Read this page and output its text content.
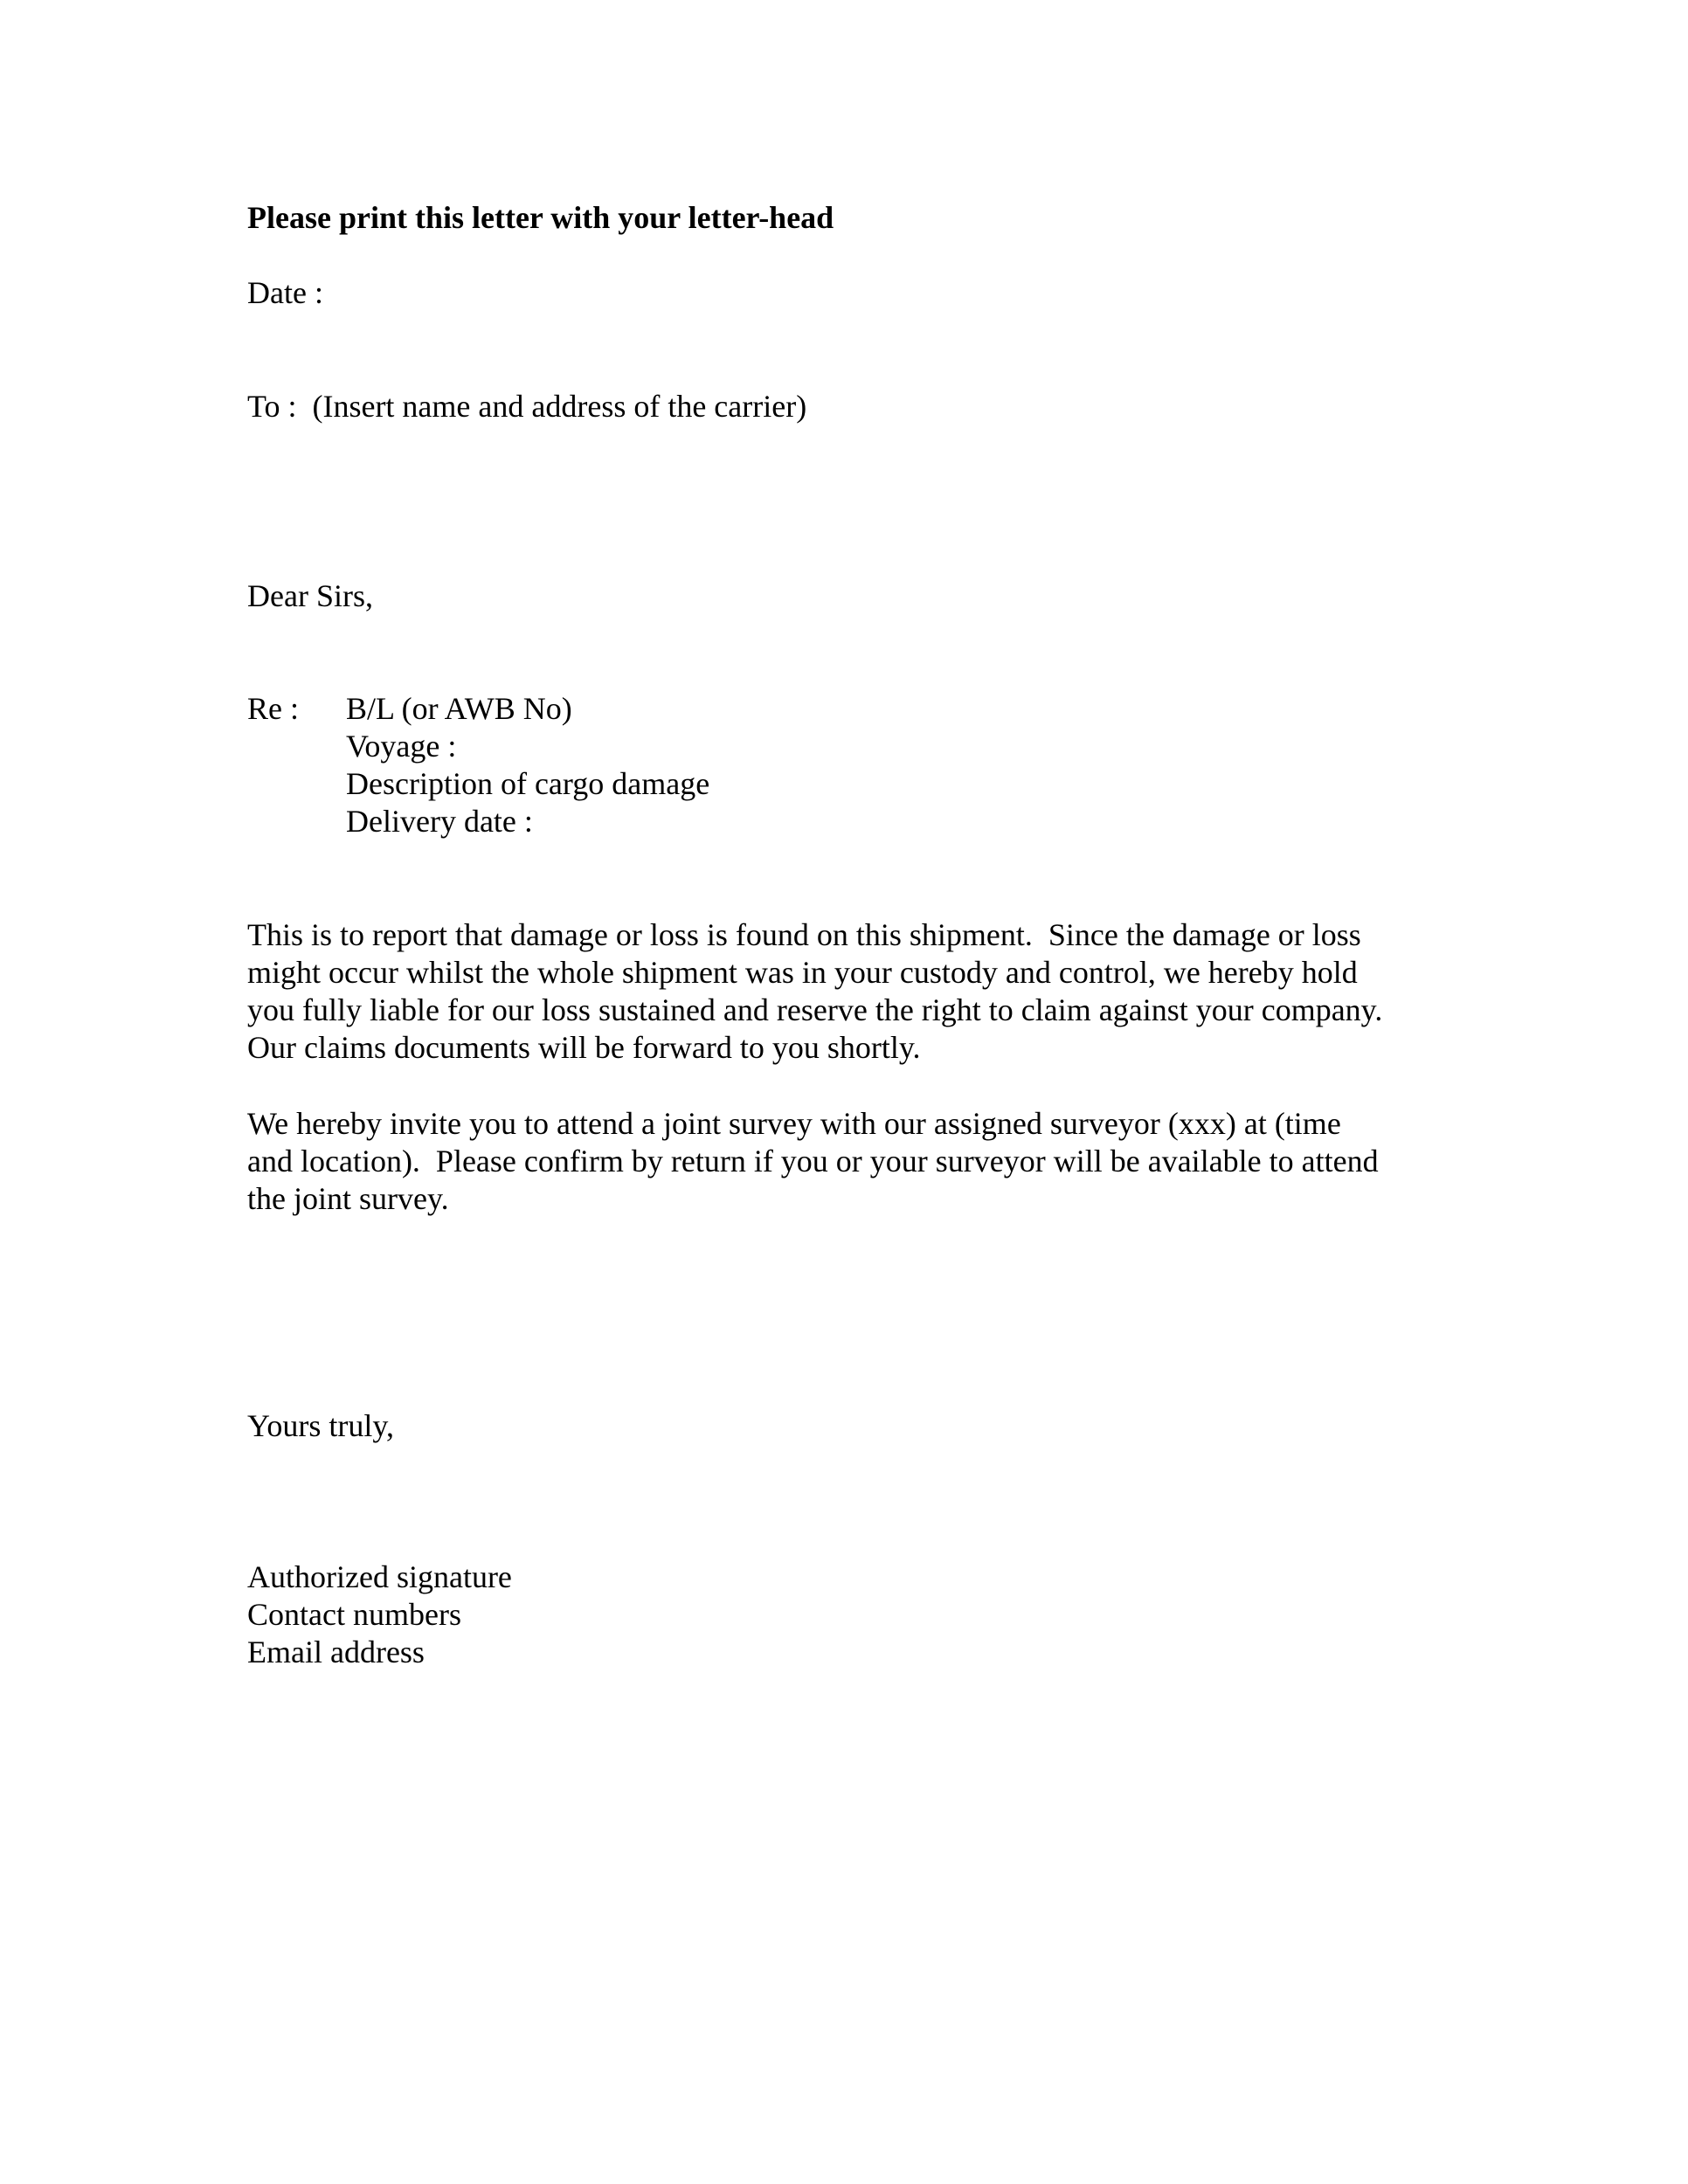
Please print this letter with your letter-head
Date :
To :  (Insert name and address of the carrier)
Dear Sirs,
Re : B/L (or AWB No)
Voyage :
Description of cargo damage
Delivery date :
This is to report that damage or loss is found on this shipment.  Since the damage or loss
might occur whilst the whole shipment was in your custody and control, we hereby hold
you fully liable for our loss sustained and reserve the right to claim against your company.
Our claims documents will be forward to you shortly.
We hereby invite you to attend a joint survey with our assigned surveyor (xxx) at (time
and location).  Please confirm by return if you or your surveyor will be available to attend
the joint survey.
Yours truly,
Authorized signature
Contact numbers
Email address
